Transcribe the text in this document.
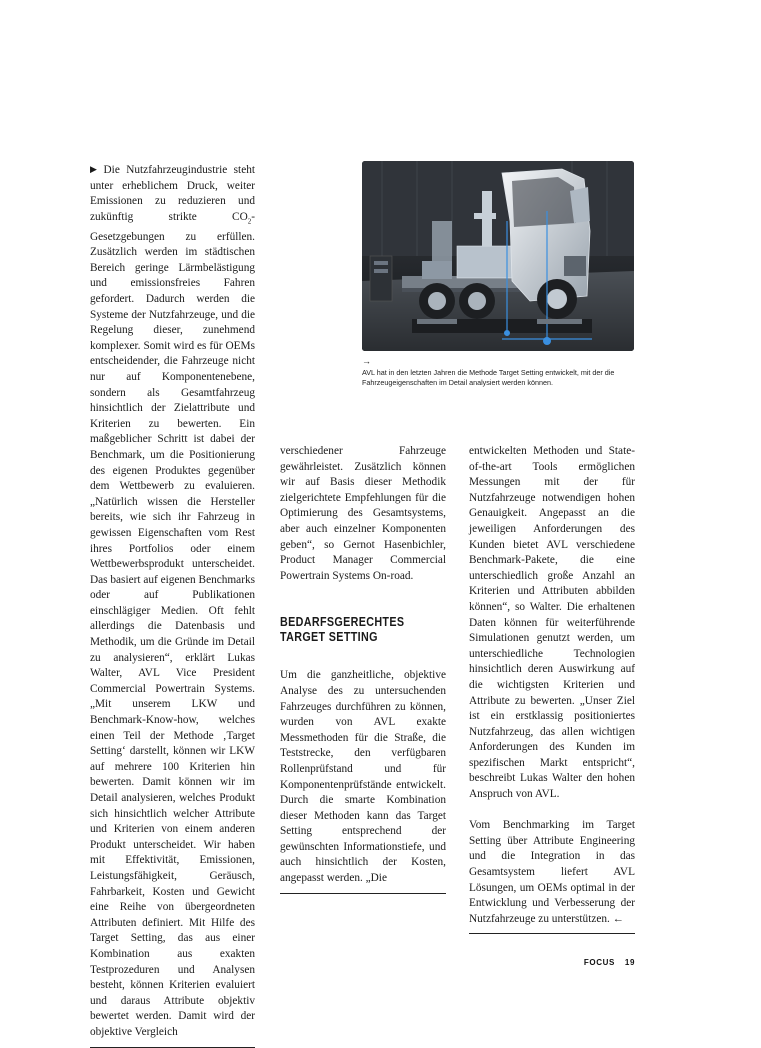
▶ Die Nutzfahrzeugindustrie steht unter erheblichem Druck, weiter Emissionen zu reduzieren und zukünftig strikte $CO_2$-Gesetzgebungen zu erfüllen. Zusätzlich werden im städtischen Bereich geringe Lärmbelästigung und emissionsfreies Fahren gefordert. Dadurch werden die Systeme der Nutzfahrzeuge, und die Regelung dieser, zunehmend komplexer. Somit wird es für OEMs entscheidender, die Fahrzeuge nicht nur auf Komponentenebene, sondern als Gesamtfahrzeug hinsichtlich der Zielattribute und Kriterien zu bewerten. Ein maßgeblicher Schritt ist dabei der Benchmark, um die Positionierung des eigenen Produktes gegenüber dem Wettbewerb zu evaluieren. „Natürlich wissen die Hersteller bereits, wie sich ihr Fahrzeug in gewissen Eigenschaften vom Rest ihres Portfolios oder einem Wettbewerbsprodukt unterscheidet. Das basiert auf eigenen Benchmarks oder auf Publikationen einschlägiger Medien. Oft fehlt allerdings die Datenbasis und Methodik, um die Gründe im Detail zu analysieren“, erklärt Lukas Walter, AVL Vice President Commercial Powertrain Systems. „Mit unserem LKW und Benchmark-Know-how, welches einen Teil der Methode ‚Target Setting‘ darstellt, können wir LKW auf mehrere 100 Kriterien hin bewerten. Damit können wir im Detail analysieren, welches Produkt sich hinsichtlich welcher Attribute und Kriterien von einem anderen Produkt unterscheidet. Wir haben mit Effektivität, Emissionen, Leistungsfähigkeit, Geräusch, Fahrbarkeit, Kosten und Gewicht eine Reihe von übergeordneten Attributen definiert. Mit Hilfe des Target Setting, das aus einer Kombination aus exakten Testprozeduren und Analysen besteht, können Kriterien evaluiert und daraus Attribute objektiv bewertet werden. Damit wird der objektive Vergleich

→
AVL hat in den letzten Jahren die Methode Target Setting entwickelt, mit der die Fahrzeugeigenschaften im Detail analysiert werden können.

verschiedener Fahrzeuge gewährleistet. Zusätzlich können wir auf Basis dieser Methodik zielgerichtete Empfehlungen für die Optimierung des Gesamtsystems, aber auch einzelner Komponenten geben“, so Gernot Hasenbichler, Product Manager Commercial Powertrain Systems On-road.

BEDARFSGERECHTES TARGET SETTING

Um die ganzheitliche, objektive Analyse des zu untersuchenden Fahrzeuges durchführen zu können, wurden von AVL exakte Messmethoden für die Straße, die Teststrecke, den verfügbaren Rollenprüfstand und für Komponentenprüfstände entwickelt. Durch die smarte Kombination dieser Methoden kann das Target Setting entsprechend der gewünschten Informationstiefe, und auch hinsichtlich der Kosten, angepasst werden. „Die

entwickelten Methoden und State-of-the-art Tools ermöglichen Messungen mit der für Nutzfahrzeuge notwendigen hohen Genauigkeit. Angepasst an die jeweiligen Anforderungen des Kunden bietet AVL verschiedene Benchmark-Pakete, die eine unterschiedlich große Anzahl an Kriterien und Attributen abbilden können“, so Walter. Die erhaltenen Daten können für weiterführende Simulationen genutzt werden, um unterschiedliche Technologien hinsichtlich deren Auswirkung auf die wichtigsten Kriterien und Attribute zu bewerten. „Unser Ziel ist ein erstklassig positioniertes Nutzfahrzeug, das allen wichtigen Anforderungen des Kunden im spezifischen Markt entspricht“, beschreibt Lukas Walter den hohen Anspruch von AVL.

Vom Benchmarking im Target Setting über Attribute Engineering und die Integration in das Gesamtsystem liefert AVL Lösungen, um OEMs optimal in der Entwicklung und Verbesserung der Nutzfahrzeuge zu unterstützen. ←

FOCUS 19
